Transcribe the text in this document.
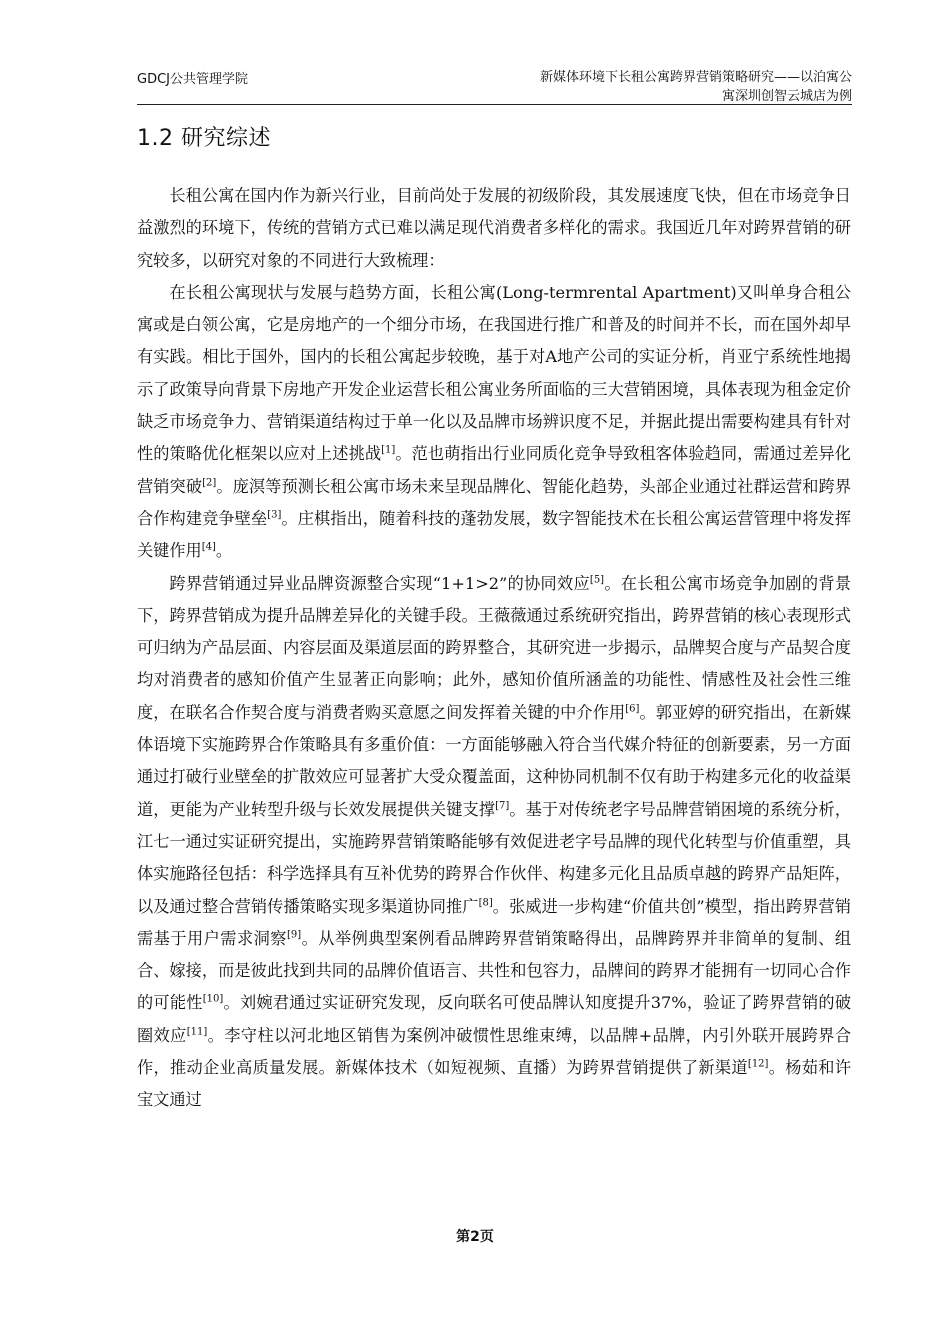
GDCJ公共管理学院	新媒体环境下长租公寓跨界营销策略研究——以泊寓公
寓深圳创智云城店为例
1.2 研究综述

长租公寓在国内作为新兴行业，目前尚处于发展的初级阶段，其发展速度飞快，但在市场竞争日益激烈的环境下，传统的营销方式已难以满足现代消费者多样化的需求。我国近几年对跨界营销的研究较多，以研究对象的不同进行大致梳理：

在长租公寓现状与发展与趋势方面，长租公寓(Long-termrental Apartment)又叫单身合租公寓或是白领公寓，它是房地产的一个细分市场，在我国进行推广和普及的时间并不长，而在国外却早有实践。相比于国外，国内的长租公寓起步较晚，基于对A地产公司的实证分析，肖亚宁系统性地揭示了政策导向背景下房地产开发企业运营长租公寓业务所面临的三大营销困境，具体表现为租金定价缺乏市场竞争力、营销渠道结构过于单一化以及品牌市场辨识度不足，并据此提出需要构建具有针对性的策略优化框架以应对上述挑战[1]。范也萌指出行业同质化竞争导致租客体验趋同，需通过差异化营销突破[2]。庞溟等预测长租公寓市场未来呈现品牌化、智能化趋势，头部企业通过社群运营和跨界合作构建竞争壁垒[3]。庄棋指出，随着科技的蓬勃发展，数字智能技术在长租公寓运营管理中将发挥关键作用[4]。

跨界营销通过异业品牌资源整合实现“1+1>2”的协同效应[5]。在长租公寓市场竞争加剧的背景下，跨界营销成为提升品牌差异化的关键手段。王薇薇通过系统研究指出，跨界营销的核心表现形式可归纳为产品层面、内容层面及渠道层面的跨界整合，其研究进一步揭示，品牌契合度与产品契合度均对消费者的感知价值产生显著正向影响；此外，感知价值所涵盖的功能性、情感性及社会性三维度，在联名合作契合度与消费者购买意愿之间发挥着关键的中介作用[6]。郭亚婷的研究指出，在新媒体语境下实施跨界合作策略具有多重价值：一方面能够融入符合当代媒介特征的创新要素，另一方面通过打破行业壁垒的扩散效应可显著扩大受众覆盖面，这种协同机制不仅有助于构建多元化的收益渠道，更能为产业转型升级与长效发展提供关键支撑[7]。基于对传统老字号品牌营销困境的系统分析，江七一通过实证研究提出，实施跨界营销策略能够有效促进老字号品牌的现代化转型与价值重塑，具体实施路径包括：科学选择具有互补优势的跨界合作伙伴、构建多元化且品质卓越的跨界产品矩阵，以及通过整合营销传播策略实现多渠道协同推广[8]。张威进一步构建“价值共创”模型，指出跨界营销需基于用户需求洞察[9]。从举例典型案例看品牌跨界营销策略得出，品牌跨界并非简单的复制、组合、嫁接，而是彼此找到共同的品牌价值语言、共性和包容力，品牌间的跨界才能拥有一切同心合作的可能性[10]。刘婉君通过实证研究发现，反向联名可使品牌认知度提升37%，验证了跨界营销的破圈效应[11]。李守柱以河北地区销售为案例冲破惯性思维束缚，以品牌+品牌，内引外联开展跨界合作，推动企业高质量发展。新媒体技术（如短视频、直播）为跨界营销提供了新渠道[12]。杨茹和许宝文通过

第2页
